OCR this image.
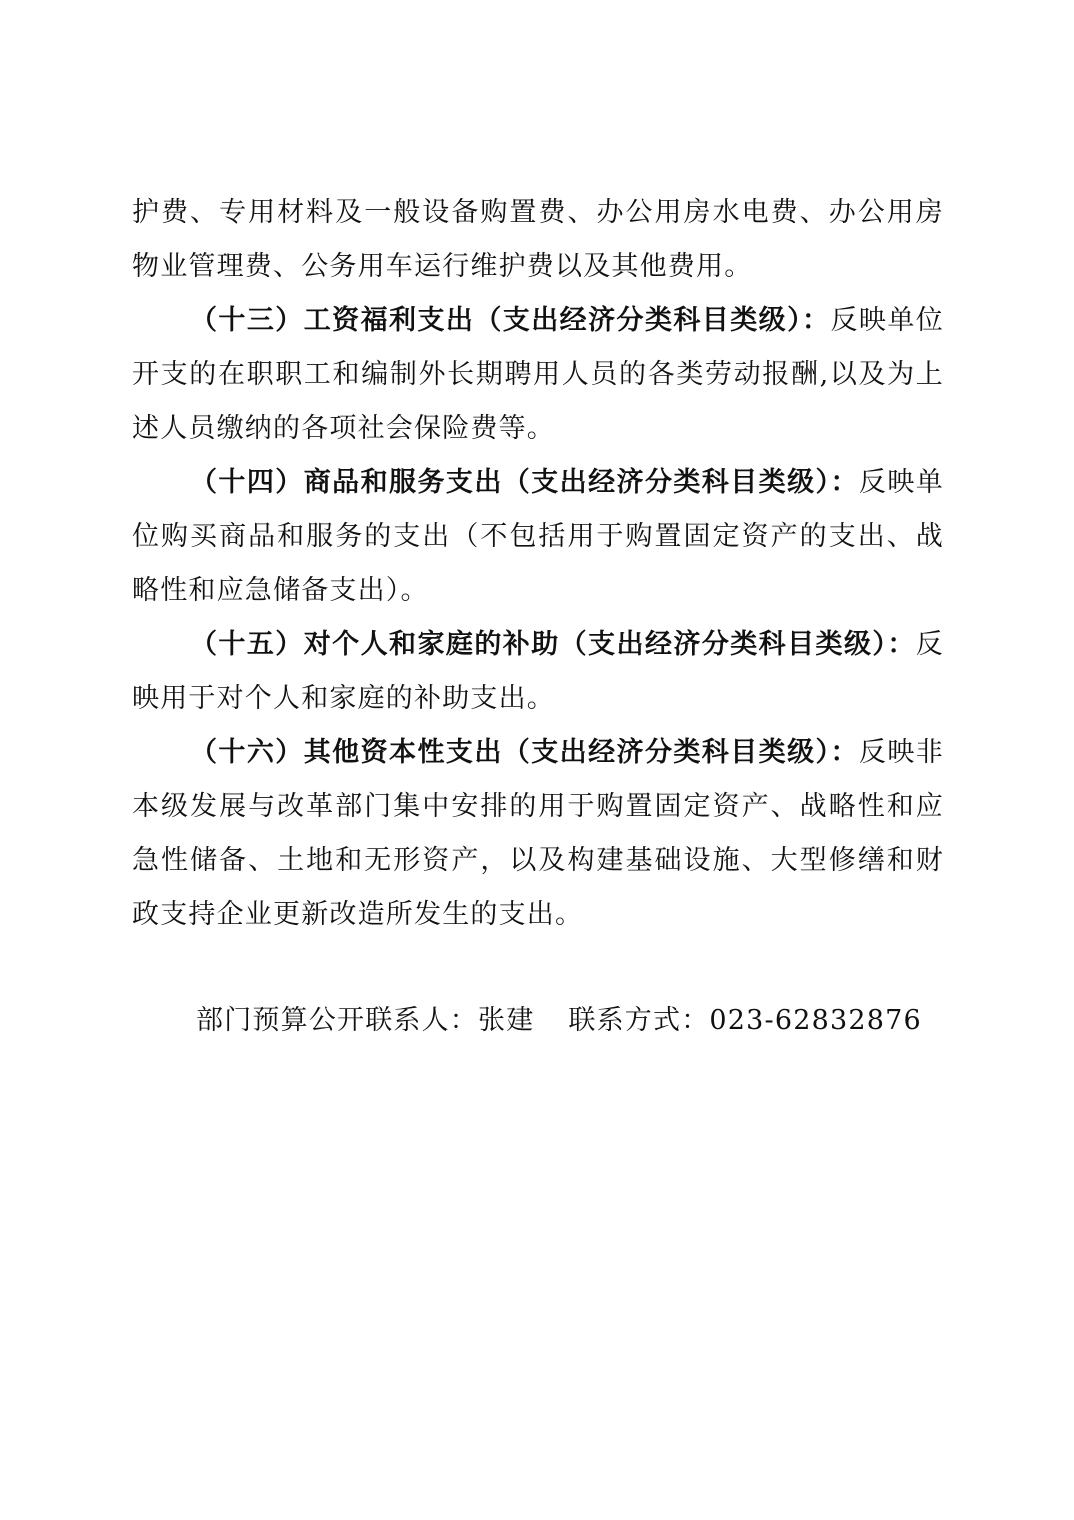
护费、专用材料及一般设备购置费、办公用房水电费、办公用房物业管理费、公务用车运行维护费以及其他费用。

（十三）工资福利支出（支出经济分类科目类级）：反映单位开支的在职职工和编制外长期聘用人员的各类劳动报酬,以及为上述人员缴纳的各项社会保险费等。

（十四）商品和服务支出（支出经济分类科目类级）：反映单位购买商品和服务的支出（不包括用于购置固定资产的支出、战略性和应急储备支出）。

（十五）对个人和家庭的补助（支出经济分类科目类级）：反映用于对个人和家庭的补助支出。

（十六）其他资本性支出（支出经济分类科目类级）：反映非本级发展与改革部门集中安排的用于购置固定资产、战略性和应急性储备、土地和无形资产，以及构建基础设施、大型修缮和财政支持企业更新改造所发生的支出。

部门预算公开联系人：张建 联系方式：023-62832876
